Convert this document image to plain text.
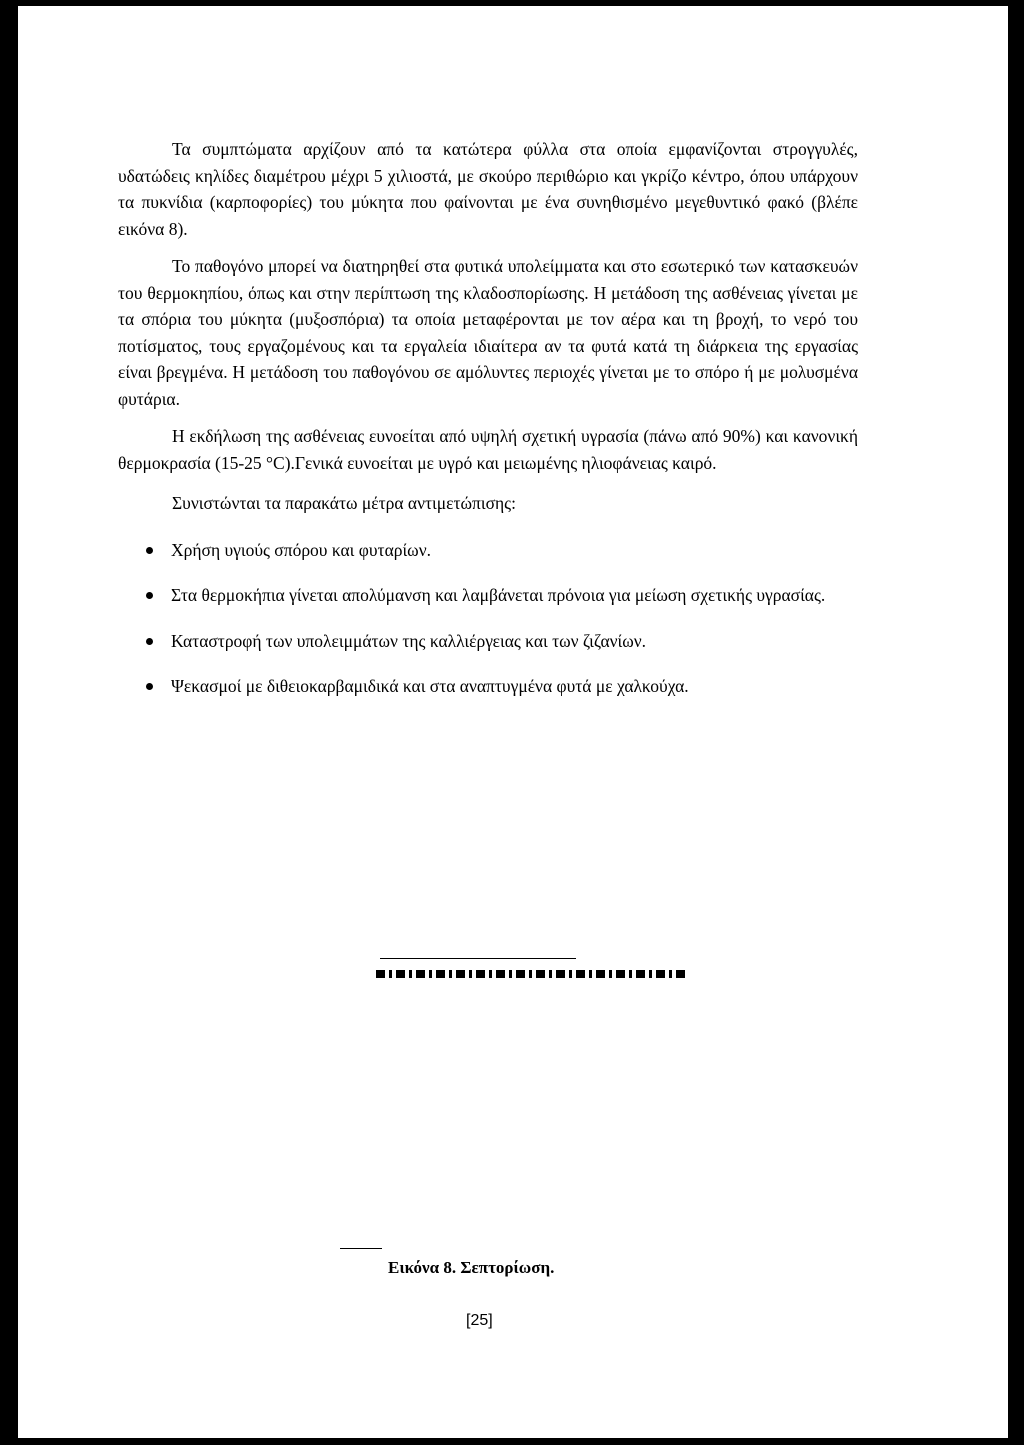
Τα συμπτώματα αρχίζουν από τα κατώτερα φύλλα στα οποία εμφανίζονται στρογγυλές, υδατώδεις κηλίδες διαμέτρου μέχρι 5 χιλιοστά, με σκούρο περιθώριο και γκρίζο κέντρο, όπου υπάρχουν τα πυκνίδια (καρποφορίες) του μύκητα που φαίνονται με ένα συνηθισμένο μεγεθυντικό φακό (βλέπε εικόνα 8).

Το παθογόνο μπορεί να διατηρηθεί στα φυτικά υπολείμματα και στο εσωτερικό των κατασκευών του θερμοκηπίου, όπως και στην περίπτωση της κλαδοσπορίωσης. Η μετάδοση της ασθένειας γίνεται με τα σπόρια του μύκητα (μυξοσπόρια) τα οποία μεταφέρονται με τον αέρα και τη βροχή, το νερό του ποτίσματος, τους εργαζομένους και τα εργαλεία ιδιαίτερα αν τα φυτά κατά τη διάρκεια της εργασίας είναι βρεγμένα. Η μετάδοση του παθογόνου σε αμόλυντες περιοχές γίνεται με το σπόρο ή με μολυσμένα φυτάρια.

Η εκδήλωση της ασθένειας ευνοείται από υψηλή σχετική υγρασία (πάνω από 90%) και κανονική θερμοκρασία (15-25 °C).Γενικά ευνοείται με υγρό και μειωμένης ηλιοφάνειας καιρό.

Συνιστώνται τα παρακάτω μέτρα αντιμετώπισης:

Χρήση υγιούς σπόρου και φυταρίων.
Στα θερμοκήπια γίνεται απολύμανση και λαμβάνεται πρόνοια για μείωση σχετικής υγρασίας.
Καταστροφή των υπολειμμάτων της καλλιέργειας και των ζιζανίων.
Ψεκασμοί με διθειοκαρβαμιδικά και στα αναπτυγμένα φυτά με χαλκούχα.
Εικόνα 8. Σεπτορίωση.
[25]
